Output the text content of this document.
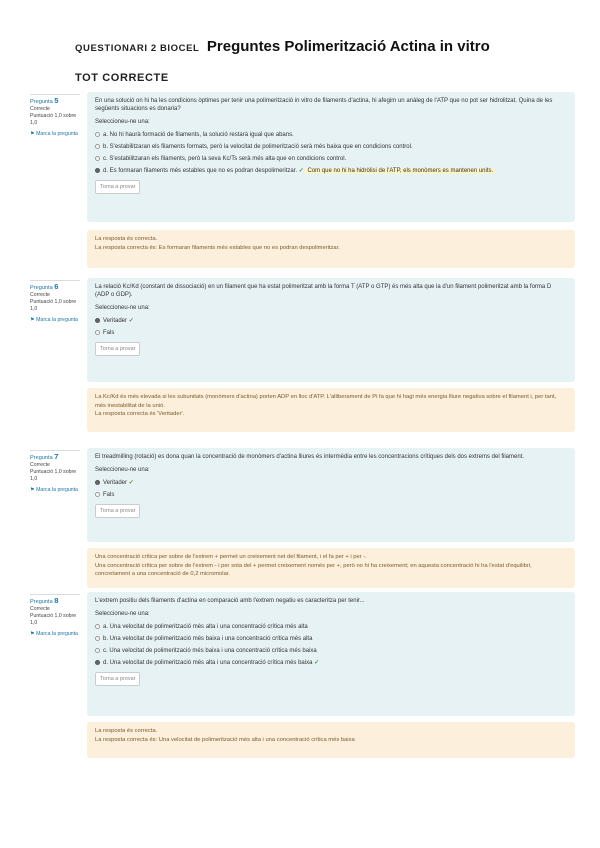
QUESTIONARI 2 BIOCEL Preguntes Polimerització Actina in vitro
TOT CORRECTE
Pregunta 5
Correcte
Puntuació 1,0 sobre 1,0
⚑ Marca la pregunta
En una solució on hi ha les condicions òptimes per tenir una polimerització in vitro de filaments d'actina, hi afegim un anàleg de l'ATP que no pot ser hidrolitzat. Quina de les següents situacions es donaria?
Seleccioneu-ne una:
a. No hi haurà formació de filaments, la solució restarà igual que abans.
b. S'estabilitzaran els filaments formats, però la velocitat de polimerització serà més baixa que en condicions control.
c. S'estabilitzaran els filaments, però la seva Kc/Ts serà més alta que en condicions control.
d. Es formaran filaments més estables que no es podran despolimeritzar. ✓ Com que no hi ha hidròlisi de l'ATP, els monòmers es mantenen units.
Torna a provar
La resposta és correcta.
La resposta correcta és: Es formaran filaments més estables que no es podran despolimeritzar.
Pregunta 6
Correcte
Puntuació 1,0 sobre 1,0
⚑ Marca la pregunta
La relació Kc/Kd (constant de dissociació) en un filament que ha estat polimeritzat amb la forma T (ATP o GTP) és més alta que la d'un filament polimeritzat amb la forma D (ADP o GDP).
Seleccioneu-ne una:
Veritader ✓
Fals
Torna a provar
La Kc/Kd és més elevada si les subunitats (monòmers d'actina) porten ADP en lloc d'ATP. L'alliberament de Pi fa que hi hagi més energia lliure negativa sobre el filament i, per tant, més inestabilitat de la unió.
La resposta correcta és 'Veritader'.
Pregunta 7
Correcte
Puntuació 1,0 sobre 1,0
⚑ Marca la pregunta
El treadmilling (rotació) es dona quan la concentració de monòmers d'actina lliures és intermèdia entre les concentracions crítiques dels dos extrems del filament.
Seleccioneu-ne una:
Veritader ✓
Fals
Torna a provar
Una concentració crítica per sobre de l'extrem + permet un creixement net del filament, i el fa per + i per -.
Una concentració crítica per sobre de l'extrem - i per sota del + permet creixement només per +, però no hi ha creixement; en aquesta concentració hi ha l'estat d'equilibri, concretament a una concentració de 0,2 micromolar.
Pregunta 8
Correcte
Puntuació 1,0 sobre 1,0
⚑ Marca la pregunta
L'extrem positiu dels filaments d'actina en comparació amb l'extrem negatiu es caracteritza per tenir...
Seleccioneu-ne una:
a. Una velocitat de polimerització més alta i una concentració crítica més alta
b. Una velocitat de polimerització més baixa i una concentració crítica més alta
c. Una velocitat de polimerització més baixa i una concentració crítica més baixa
d. Una velocitat de polimerització més alta i una concentració crítica més baixa ✓
Torna a provar
La resposta és correcta.
La resposta correcta és: Una velocitat de polimerització més alta i una concentració crítica més baixa
